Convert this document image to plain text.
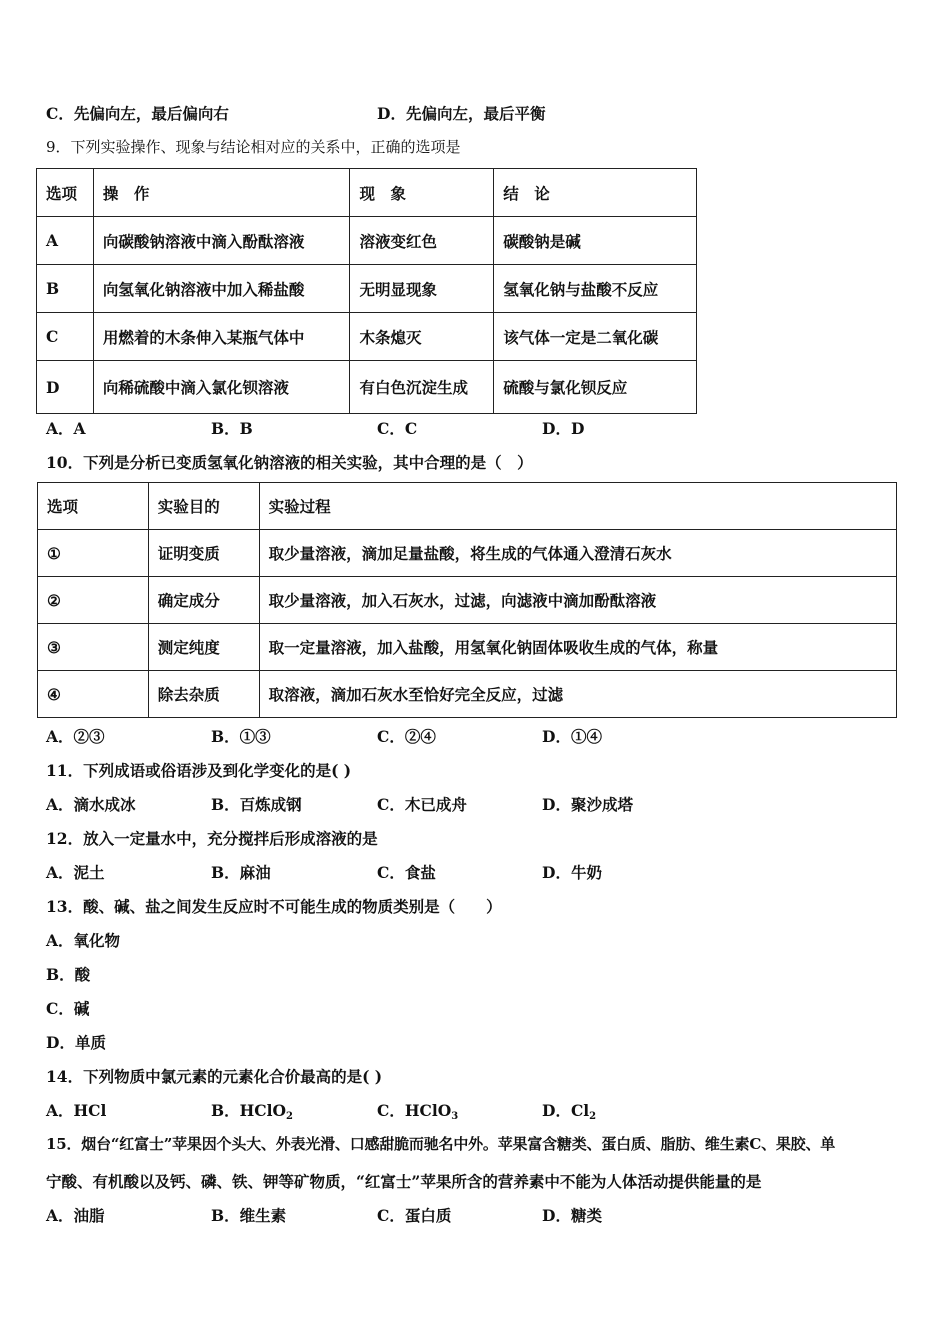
C．先偏向左，最后偏向右	D．先偏向左，最后平衡
9．下列实验操作、现象与结论相对应的关系中，正确的选项是
选项	操　作	现　象	结　论
A	向碳酸钠溶液中滴入酚酞溶液	溶液变红色	碳酸钠是碱
B	向氢氧化钠溶液中加入稀盐酸	无明显现象	氢氧化钠与盐酸不反应
C	用燃着的木条伸入某瓶气体中	木条熄灭	该气体一定是二氧化碳
D	向稀硫酸中滴入氯化钡溶液	有白色沉淀生成	硫酸与氯化钡反应
A．A	B．B	C．C	D．D
10．下列是分析已变质氢氧化钠溶液的相关实验，其中合理的是（　）
选项	实验目的	实验过程
①	证明变质	取少量溶液，滴加足量盐酸，将生成的气体通入澄清石灰水
②	确定成分	取少量溶液，加入石灰水，过滤，向滤液中滴加酚酞溶液
③	测定纯度	取一定量溶液，加入盐酸，用氢氧化钠固体吸收生成的气体，称量
④	除去杂质	取溶液，滴加石灰水至恰好完全反应，过滤
A．②③	B．①③	C．②④	D．①④
11．下列成语或俗语涉及到化学变化的是( )
A．滴水成冰	B．百炼成钢	C．木已成舟	D．聚沙成塔
12．放入一定量水中，充分搅拌后形成溶液的是
A．泥土	B．麻油	C．食盐	D．牛奶
13．酸、碱、盐之间发生反应时不可能生成的物质类别是（　　）
A．氧化物
B．酸
C．碱
D．单质
14．下列物质中氯元素的元素化合价最高的是( )
A．HCl	B．HClO$_2$	C．HClO$_3$	D．$Cl_2$
15．烟台“红富士”苹果因个头大、外表光滑、口感甜脆而驰名中外。苹果富含糖类、蛋白质、脂肪、维生素C、果胶、单
宁酸、有机酸以及钙、磷、铁、钾等矿物质，“红富士”苹果所含的营养素中不能为人体活动提供能量的是
A．油脂	B．维生素	C．蛋白质	D．糖类
